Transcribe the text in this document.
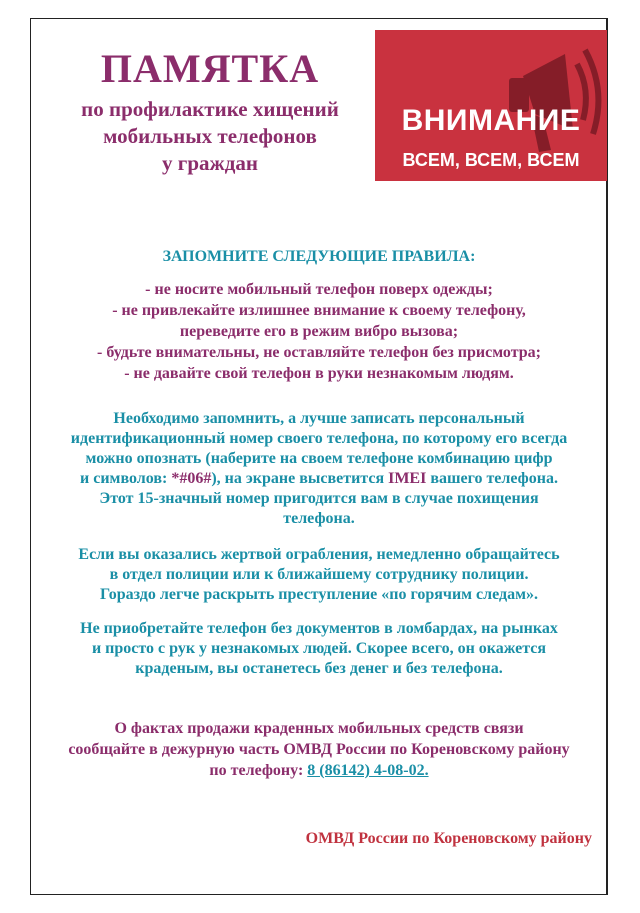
ПАМЯТКА
по профилактике хищений
мобильных телефонов
у граждан
ВНИМАНИЕ
ВСЕМ, ВСЕМ, ВСЕМ
ЗАПОМНИТЕ СЛЕДУЮЩИЕ ПРАВИЛА:
- не носите мобильный телефон поверх одежды;
- не привлекайте излишнее внимание к своему телефону,
переведите его в режим вибро вызова;
- будьте внимательны, не оставляйте телефон без присмотра;
- не давайте свой телефон в руки незнакомым людям.
Необходимо запомнить, а лучше записать персональный
идентификационный номер своего телефона, по которому его всегда
можно опознать (наберите на своем телефоне комбинацию цифр
и символов: *#06#), на экране высветится IMEI вашего телефона.
Этот 15-значный номер пригодится вам в случае похищения
телефона.
Если вы оказались жертвой ограбления, немедленно обращайтесь
в отдел полиции или к ближайшему сотруднику полиции.
Гораздо легче раскрыть преступление «по горячим следам».
Не приобретайте телефон без документов в ломбардах, на рынках
и просто с рук у незнакомых людей. Скорее всего, он окажется
краденым, вы останетесь без денег и без телефона.
О фактах продажи краденных мобильных средств связи
сообщайте в дежурную часть ОМВД России по Кореновскому району
по телефону: 8 (86142) 4-08-02.
ОМВД России по Кореновскому району
